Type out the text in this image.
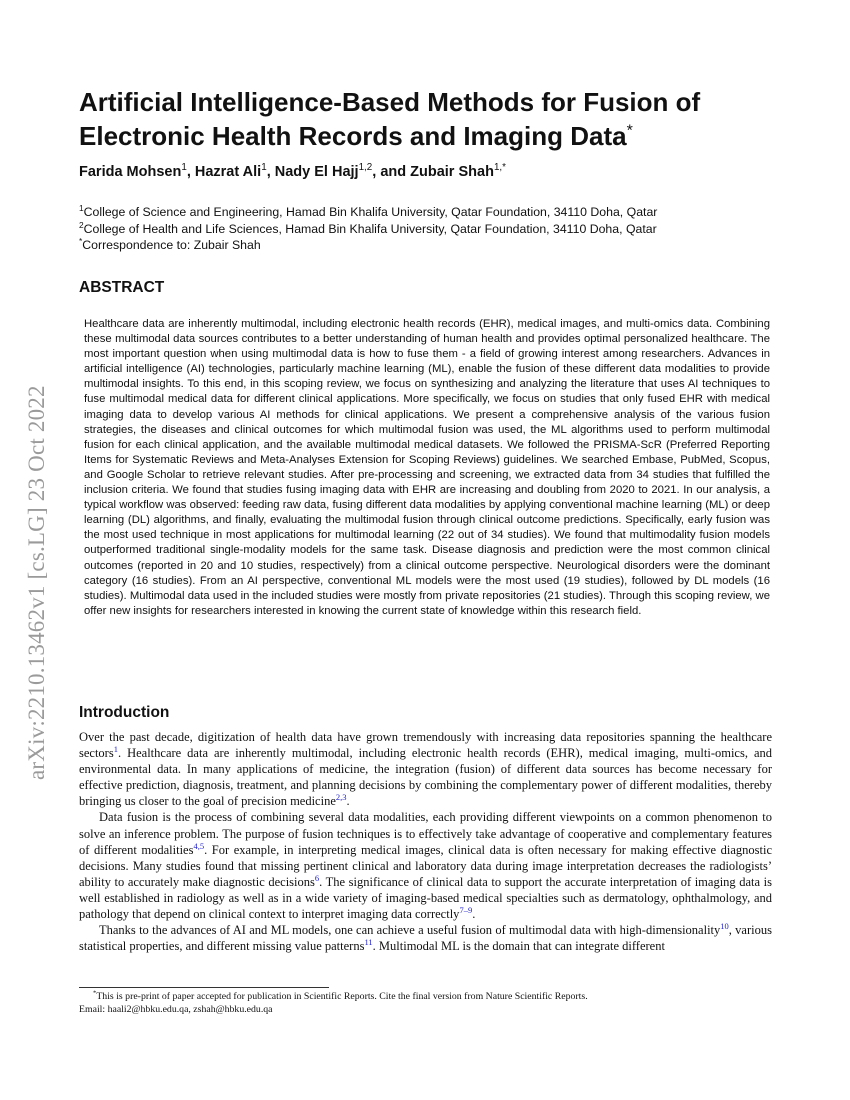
arXiv:2210.13462v1 [cs.LG] 23 Oct 2022
Artificial Intelligence-Based Methods for Fusion of Electronic Health Records and Imaging Data*
Farida Mohsen$^1$, Hazrat Ali$^1$, Nady El Hajj$^{1,2}$, and Zubair Shah$^{1,*}$
$^1$College of Science and Engineering, Hamad Bin Khalifa University, Qatar Foundation, 34110 Doha, Qatar
$^2$College of Health and Life Sciences, Hamad Bin Khalifa University, Qatar Foundation, 34110 Doha, Qatar
*Correspondence to: Zubair Shah
ABSTRACT

Healthcare data are inherently multimodal, including electronic health records (EHR), medical images, and multi-omics data. Combining these multimodal data sources contributes to a better understanding of human health and provides optimal personalized healthcare. The most important question when using multimodal data is how to fuse them - a field of growing interest among researchers. Advances in artificial intelligence (AI) technologies, particularly machine learning (ML), enable the fusion of these different data modalities to provide multimodal insights. To this end, in this scoping review, we focus on synthesizing and analyzing the literature that uses AI techniques to fuse multimodal medical data for different clinical applications. More specifically, we focus on studies that only fused EHR with medical imaging data to develop various AI methods for clinical applications. We present a comprehensive analysis of the various fusion strategies, the diseases and clinical outcomes for which multimodal fusion was used, the ML algorithms used to perform multimodal fusion for each clinical application, and the available multimodal medical datasets. We followed the PRISMA-ScR (Preferred Reporting Items for Systematic Reviews and Meta-Analyses Extension for Scoping Reviews) guidelines. We searched Embase, PubMed, Scopus, and Google Scholar to retrieve relevant studies. After pre-processing and screening, we extracted data from 34 studies that fulfilled the inclusion criteria. We found that studies fusing imaging data with EHR are increasing and doubling from 2020 to 2021. In our analysis, a typical workflow was observed: feeding raw data, fusing different data modalities by applying conventional machine learning (ML) or deep learning (DL) algorithms, and finally, evaluating the multimodal fusion through clinical outcome predictions. Specifically, early fusion was the most used technique in most applications for multimodal learning (22 out of 34 studies). We found that multimodality fusion models outperformed traditional single-modality models for the same task. Disease diagnosis and prediction were the most common clinical outcomes (reported in 20 and 10 studies, respectively) from a clinical outcome perspective. Neurological disorders were the dominant category (16 studies). From an AI perspective, conventional ML models were the most used (19 studies), followed by DL models (16 studies). Multimodal data used in the included studies were mostly from private repositories (21 studies). Through this scoping review, we offer new insights for researchers interested in knowing the current state of knowledge within this research field.

Introduction

Over the past decade, digitization of health data have grown tremendously with increasing data repositories spanning the healthcare sectors$^1$. Healthcare data are inherently multimodal, including electronic health records (EHR), medical imaging, multi-omics, and environmental data. In many applications of medicine, the integration (fusion) of different data sources has become necessary for effective prediction, diagnosis, treatment, and planning decisions by combining the complementary power of different modalities, thereby bringing us closer to the goal of precision medicine$^{2,3}$.

Data fusion is the process of combining several data modalities, each providing different viewpoints on a common phenomenon to solve an inference problem. The purpose of fusion techniques is to effectively take advantage of cooperative and complementary features of different modalities$^{4,5}$. For example, in interpreting medical images, clinical data is often necessary for making effective diagnostic decisions. Many studies found that missing pertinent clinical and laboratory data during image interpretation decreases the radiologists’ ability to accurately make diagnostic decisions$^6$. The significance of clinical data to support the accurate interpretation of imaging data is well established in radiology as well as in a wide variety of imaging-based medical specialties such as dermatology, ophthalmology, and pathology that depend on clinical context to interpret imaging data correctly$^{7-9}$.

Thanks to the advances of AI and ML models, one can achieve a useful fusion of multimodal data with high-dimensionality$^{10}$, various statistical properties, and different missing value patterns$^{11}$. Multimodal ML is the domain that can integrate different

*This is pre-print of paper accepted for publication in Scientific Reports. Cite the final version from Nature Scientific Reports.
Email: haali2@hbku.edu.qa, zshah@hbku.edu.qa
